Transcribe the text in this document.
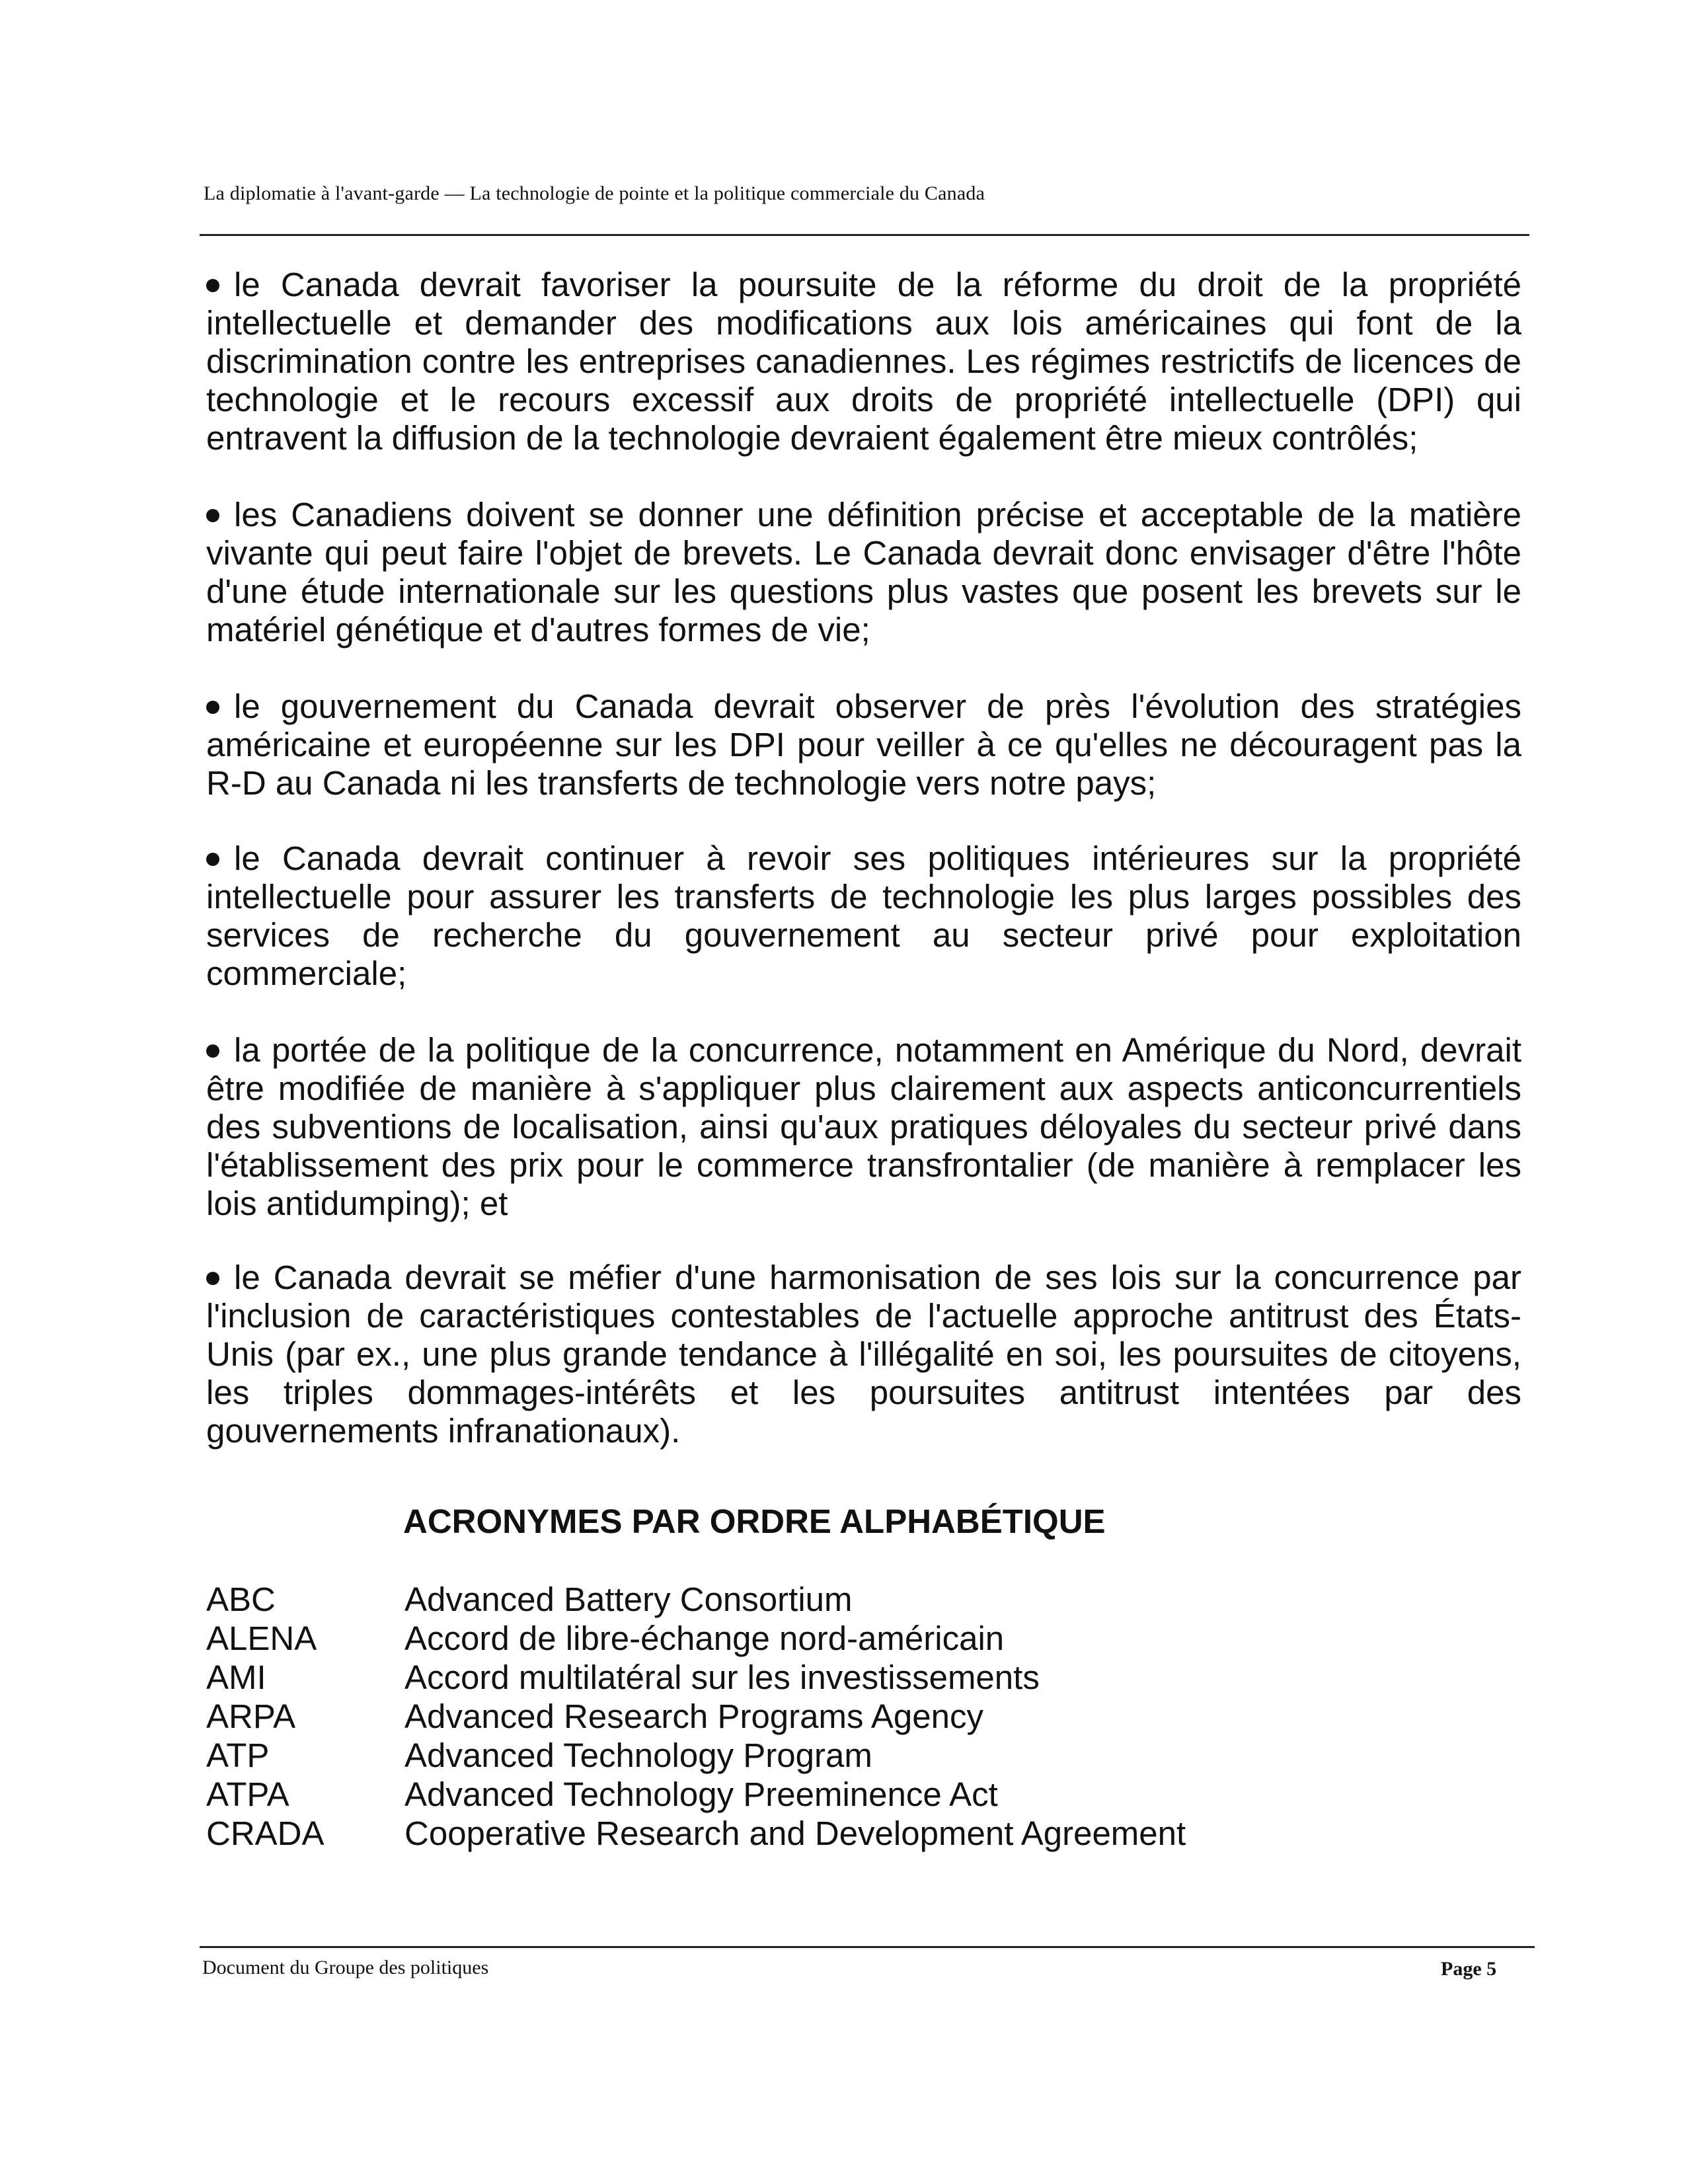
La diplomatie à l'avant-garde — La technologie de pointe et la politique commerciale du Canada

le Canada devrait favoriser la poursuite de la réforme du droit de la propriété intellectuelle et demander des modifications aux lois américaines qui font de la discrimination contre les entreprises canadiennes. Les régimes restrictifs de licences de technologie et le recours excessif aux droits de propriété intellectuelle (DPI) qui entravent la diffusion de la technologie devraient également être mieux contrôlés;

les Canadiens doivent se donner une définition précise et acceptable de la matière vivante qui peut faire l'objet de brevets. Le Canada devrait donc envisager d'être l'hôte d'une étude internationale sur les questions plus vastes que posent les brevets sur le matériel génétique et d'autres formes de vie;

le gouvernement du Canada devrait observer de près l'évolution des stratégies américaine et européenne sur les DPI pour veiller à ce qu'elles ne découragent pas la R-D au Canada ni les transferts de technologie vers notre pays;

le Canada devrait continuer à revoir ses politiques intérieures sur la propriété intellectuelle pour assurer les transferts de technologie les plus larges possibles des services de recherche du gouvernement au secteur privé pour exploitation commerciale;

la portée de la politique de la concurrence, notamment en Amérique du Nord, devrait être modifiée de manière à s'appliquer plus clairement aux aspects anticoncurrentiels des subventions de localisation, ainsi qu'aux pratiques déloyales du secteur privé dans l'établissement des prix pour le commerce transfrontalier (de manière à remplacer les lois antidumping); et

le Canada devrait se méfier d'une harmonisation de ses lois sur la concurrence par l'inclusion de caractéristiques contestables de l'actuelle approche antitrust des États-Unis (par ex., une plus grande tendance à l'illégalité en soi, les poursuites de citoyens, les triples dommages-intérêts et les poursuites antitrust intentées par des gouvernements infranationaux).

ACRONYMES PAR ORDRE ALPHABÉTIQUE
ABC	Advanced Battery Consortium
ALENA	Accord de libre-échange nord-américain
AMI	Accord multilatéral sur les investissements
ARPA	Advanced Research Programs Agency
ATP	Advanced Technology Program
ATPA	Advanced Technology Preeminence Act
CRADA Cooperative Research and Development Agreement
Document du Groupe des politiques	Page 5
